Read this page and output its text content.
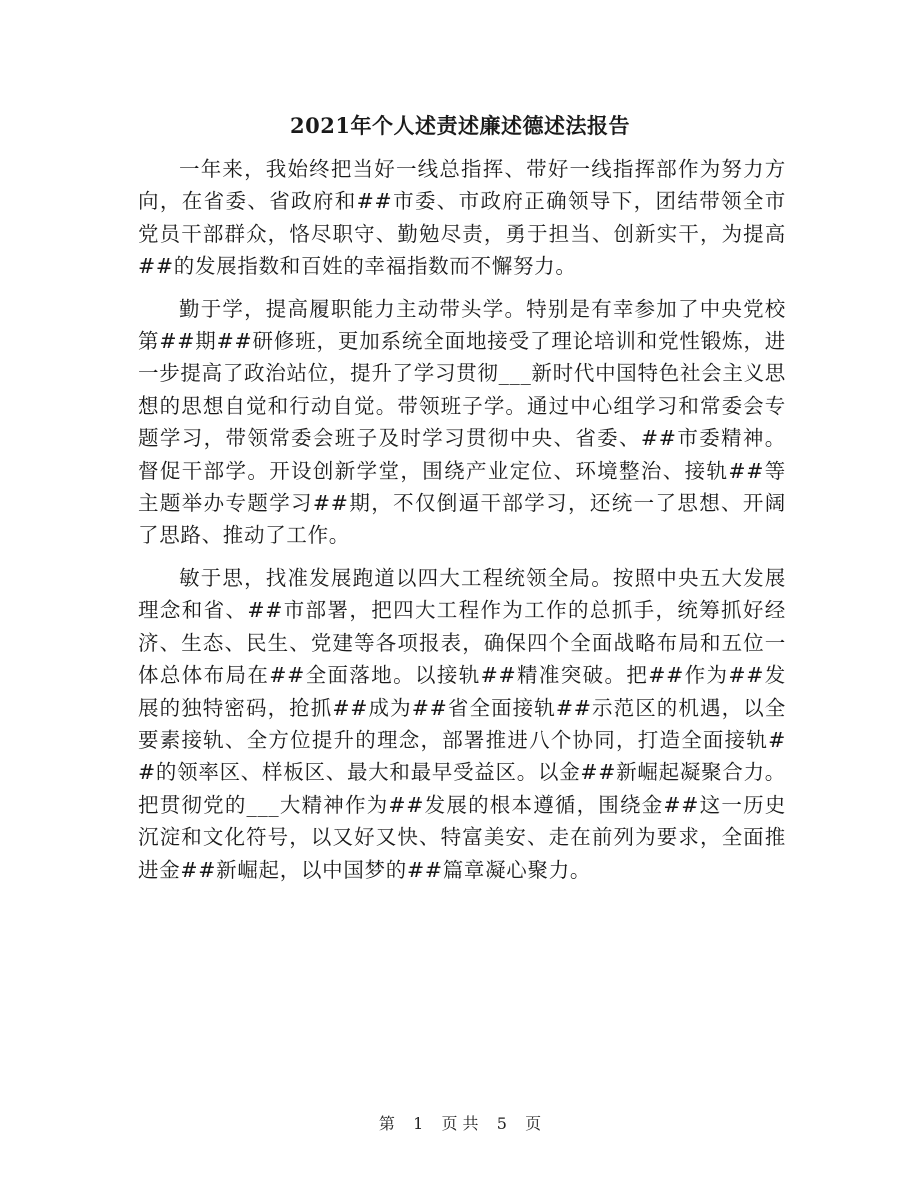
2021年个人述责述廉述德述法报告

一年来，我始终把当好一线总指挥、带好一线指挥部作为努力方向，在省委、省政府和##市委、市政府正确领导下，团结带领全市党员干部群众，恪尽职守、勤勉尽责，勇于担当、创新实干，为提高##的发展指数和百姓的幸福指数而不懈努力。

勤于学，提高履职能力主动带头学。特别是有幸参加了中央党校第##期##研修班，更加系统全面地接受了理论培训和党性锻炼，进一步提高了政治站位，提升了学习贯彻___新时代中国特色社会主义思想的思想自觉和行动自觉。带领班子学。通过中心组学习和常委会专题学习，带领常委会班子及时学习贯彻中央、省委、##市委精神。督促干部学。开设创新学堂，围绕产业定位、环境整治、接轨##等主题举办专题学习##期，不仅倒逼干部学习，还统一了思想、开阔了思路、推动了工作。

敏于思，找准发展跑道以四大工程统领全局。按照中央五大发展理念和省、##市部署，把四大工程作为工作的总抓手，统筹抓好经济、生态、民生、党建等各项报表，确保四个全面战略布局和五位一体总体布局在##全面落地。以接轨##精准突破。把##作为##发展的独特密码，抢抓##成为##省全面接轨##示范区的机遇，以全要素接轨、全方位提升的理念，部署推进八个协同，打造全面接轨##的领率区、样板区、最大和最早受益区。以金##新崛起凝聚合力。把贯彻党的___大精神作为##发展的根本遵循，围绕金##这一历史沉淀和文化符号，以又好又快、特富美安、走在前列为要求，全面推进金##新崛起，以中国梦的##篇章凝心聚力。

第 1 页 共 5 页
